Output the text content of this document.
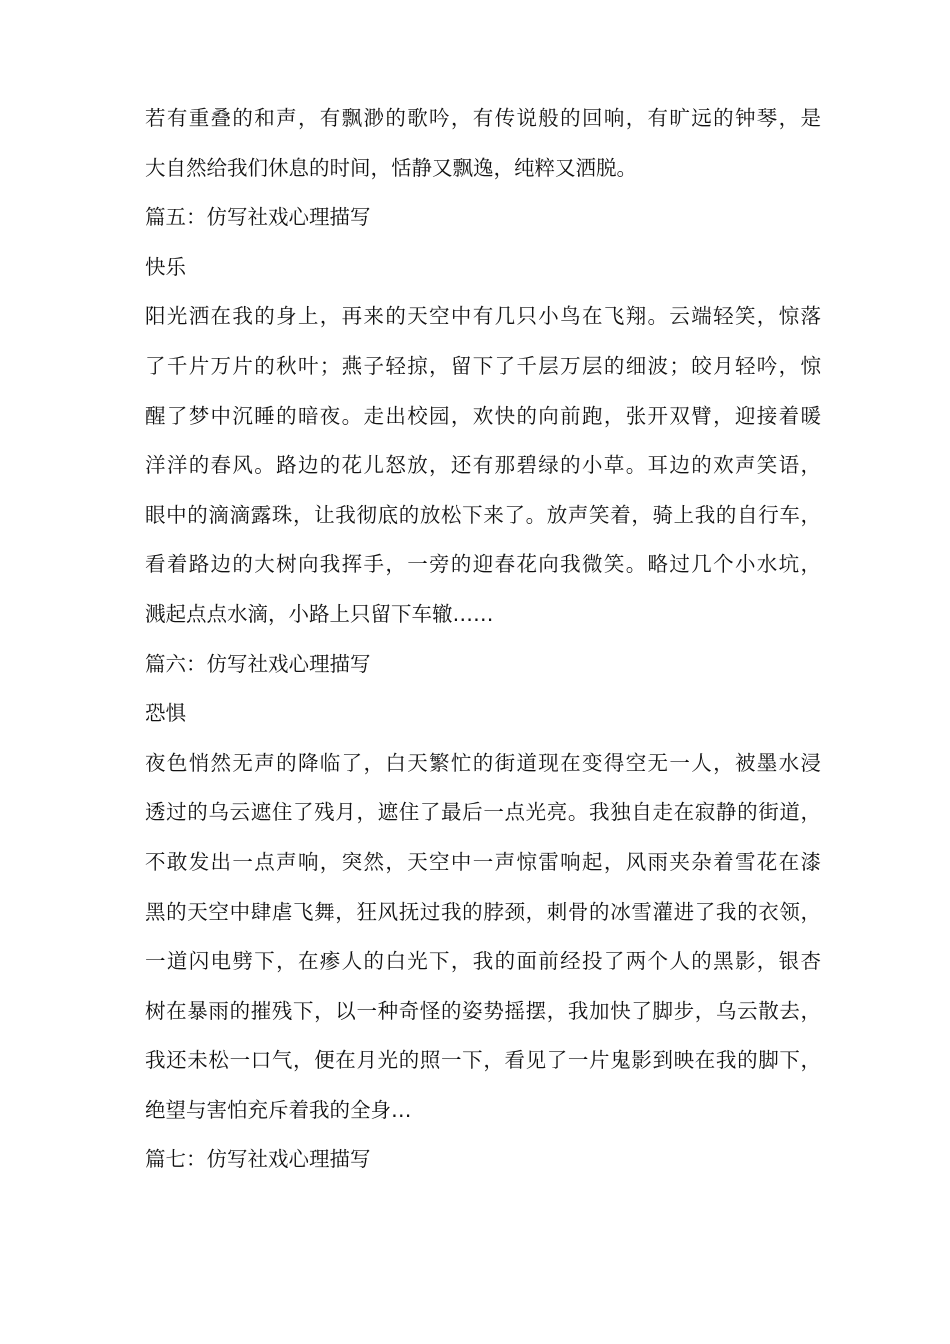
若有重叠的和声，有飘渺的歌吟，有传说般的回响，有旷远的钟琴，是
大自然给我们休息的时间，恬静又飘逸，纯粹又洒脱。
篇五：仿写社戏心理描写
快乐
阳光洒在我的身上，再来的天空中有几只小鸟在飞翔。云端轻笑，惊落
了千片万片的秋叶；燕子轻掠，留下了千层万层的细波；皎月轻吟，惊
醒了梦中沉睡的暗夜。走出校园，欢快的向前跑，张开双臂，迎接着暖
洋洋的春风。路边的花儿怒放，还有那碧绿的小草。耳边的欢声笑语，
眼中的滴滴露珠，让我彻底的放松下来了。放声笑着，骑上我的自行车，
看着路边的大树向我挥手，一旁的迎春花向我微笑。略过几个小水坑，
溅起点点水滴，小路上只留下车辙……
篇六：仿写社戏心理描写
恐惧
夜色悄然无声的降临了，白天繁忙的街道现在变得空无一人，被墨水浸
透过的乌云遮住了残月，遮住了最后一点光亮。我独自走在寂静的街道，
不敢发出一点声响，突然，天空中一声惊雷响起，风雨夹杂着雪花在漆
黑的天空中肆虐飞舞，狂风抚过我的脖颈，刺骨的冰雪灌进了我的衣领，
一道闪电劈下，在瘆人的白光下，我的面前经投了两个人的黑影，银杏
树在暴雨的摧残下，以一种奇怪的姿势摇摆，我加快了脚步，乌云散去，
我还未松一口气，便在月光的照一下，看见了一片鬼影到映在我的脚下，
绝望与害怕充斥着我的全身…
篇七：仿写社戏心理描写
